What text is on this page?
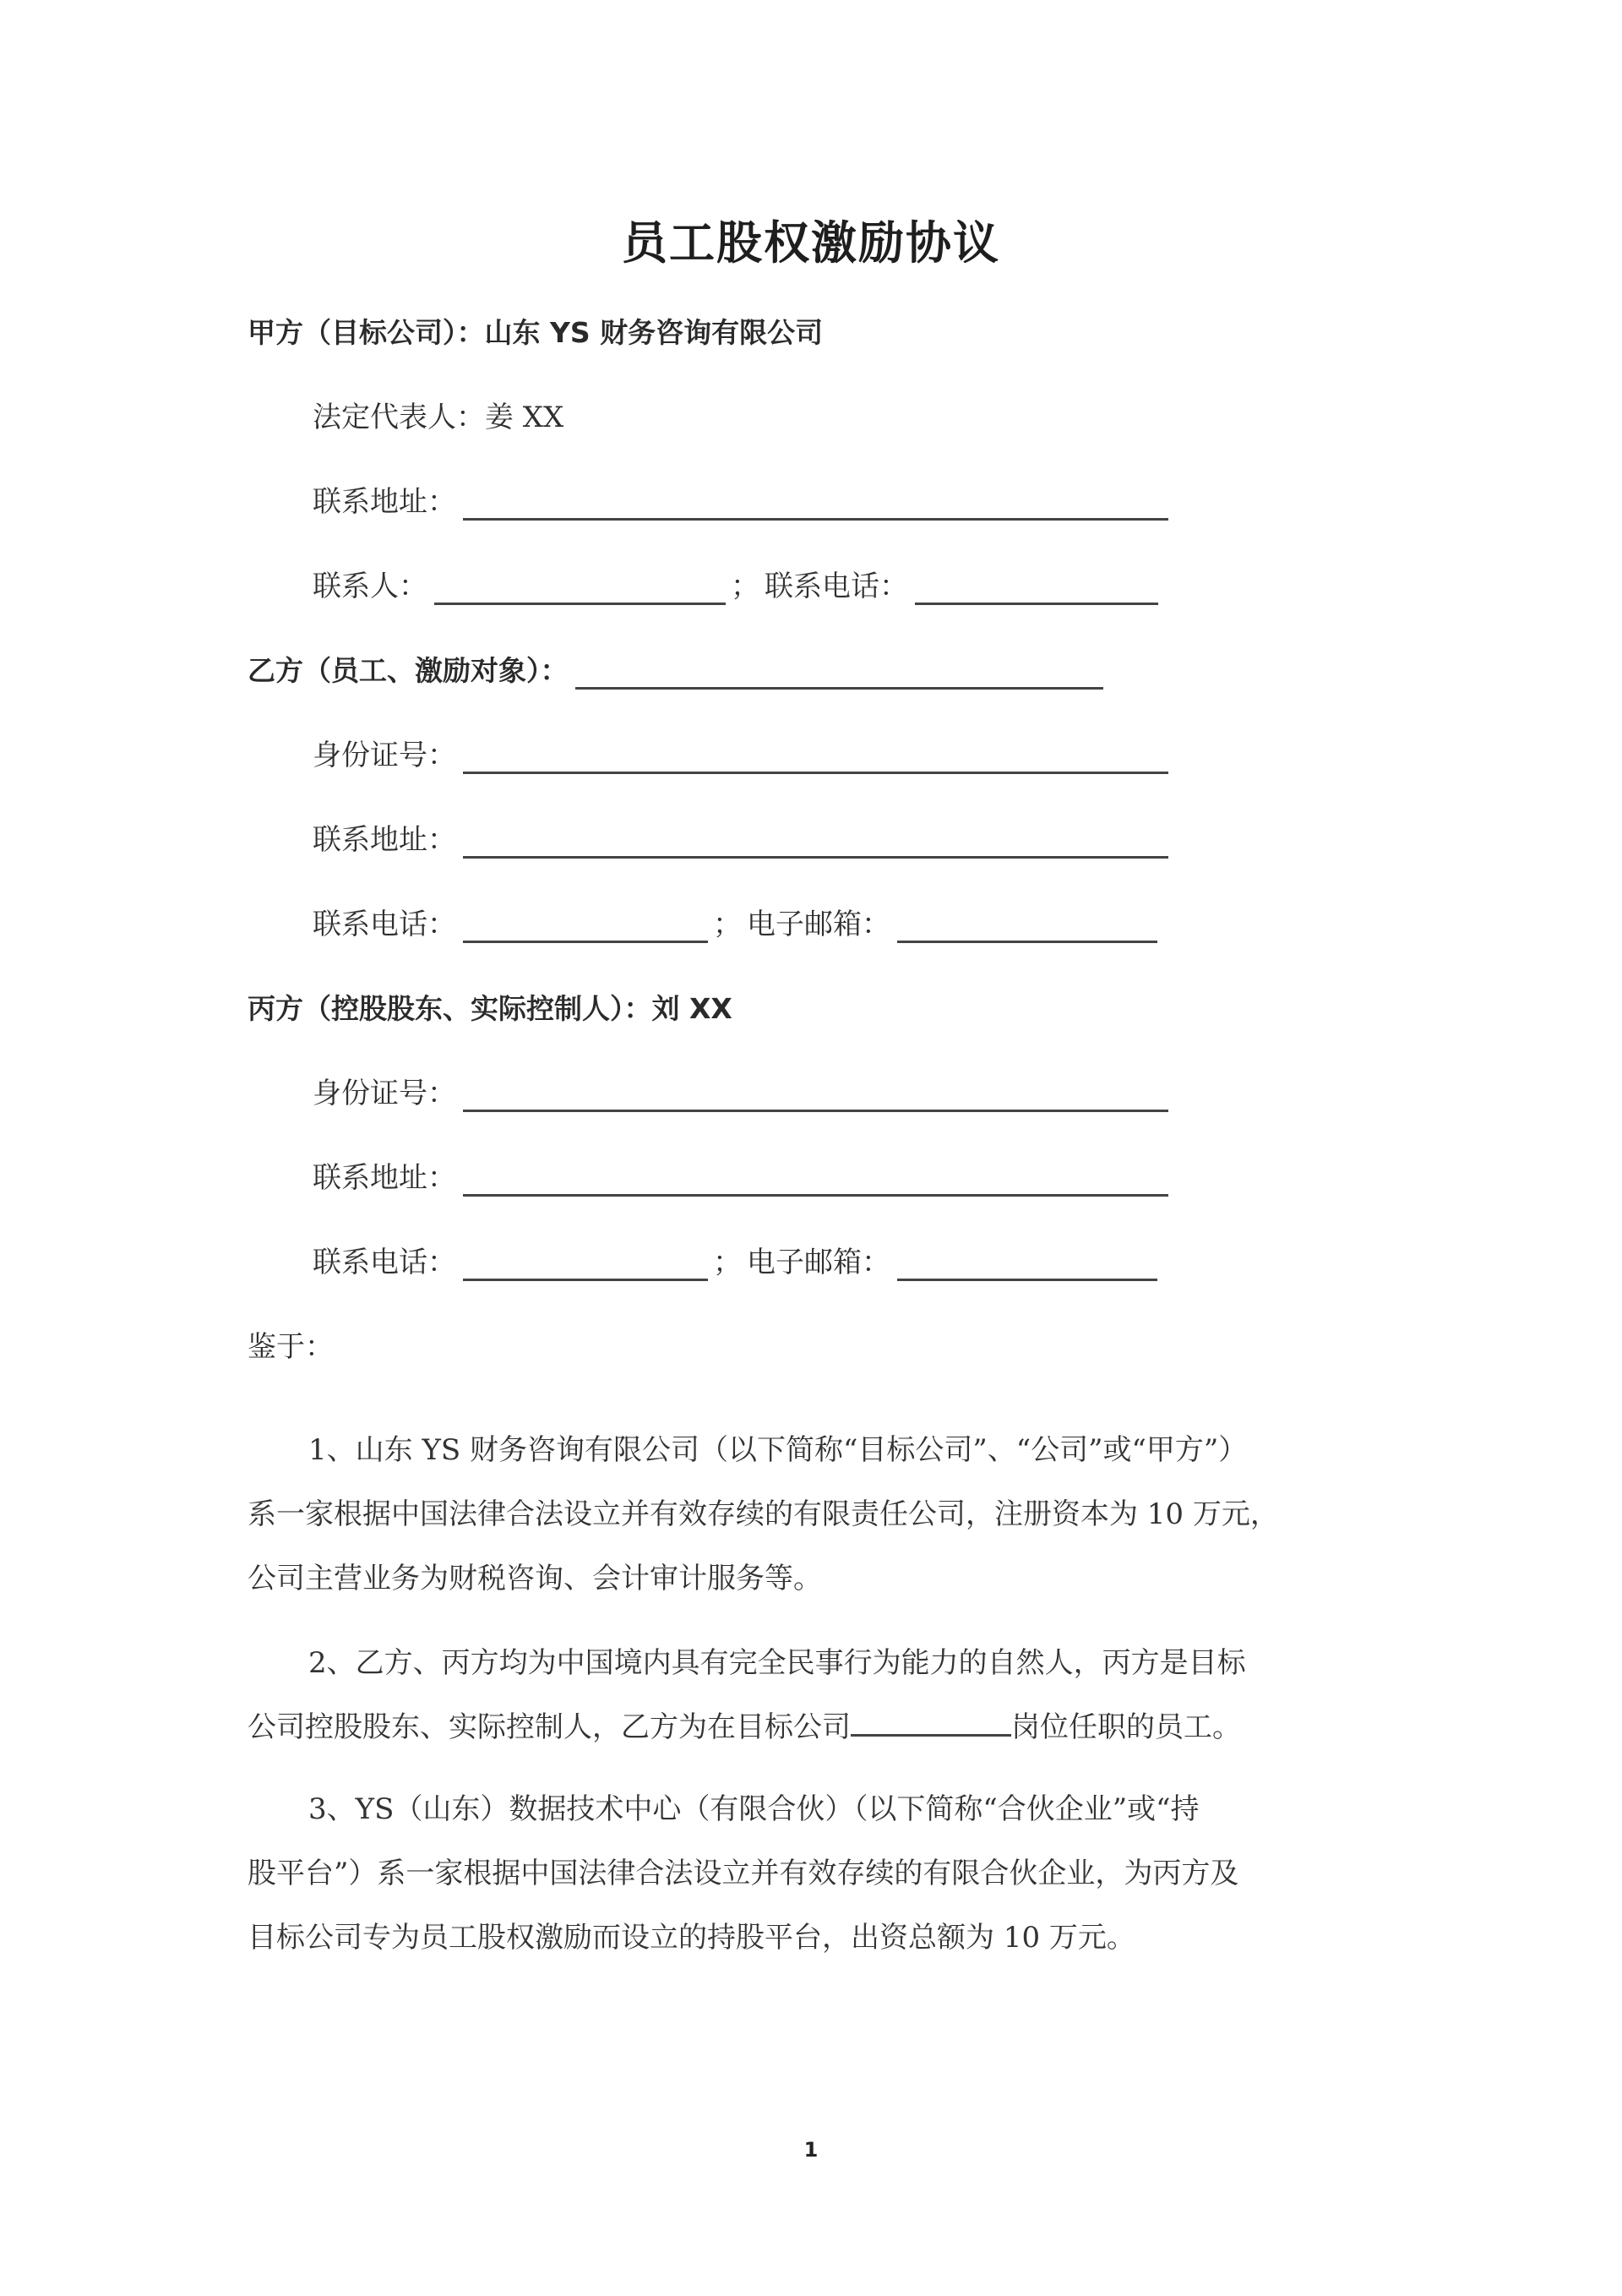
员工股权激励协议
甲方（目标公司）： 山东 YS 财务咨询有限公司
法定代表人： 姜 XX
联系地址：
联系人：	； 联系电话：
乙方（员工、激励对象）：
身份证号：
联系地址：
联系电话：	； 电子邮箱：
丙方（控股股东、实际控制人）： 刘 XX
身份证号：
联系地址：
联系电话：	； 电子邮箱：
鉴于：
1、山东 YS 财务咨询有限公司（以下简称“目标公司”、“公司”或“甲方”）
系一家根据中国法律合法设立并有效存续的有限责任公司，注册资本为 10 万元，
公司主营业务为财税咨询、会计审计服务等。
2、乙方、丙方均为中国境内具有完全民事行为能力的自然人，丙方是目标
公司控股股东、实际控制人，乙方为在目标公司	岗位任职的员工。
3、YS（山东）数据技术中心（有限合伙）（以下简称“合伙企业”或“持
股平台”）系一家根据中国法律合法设立并有效存续的有限合伙企业，为丙方及
目标公司专为员工股权激励而设立的持股平台，出资总额为 10 万元。
1
